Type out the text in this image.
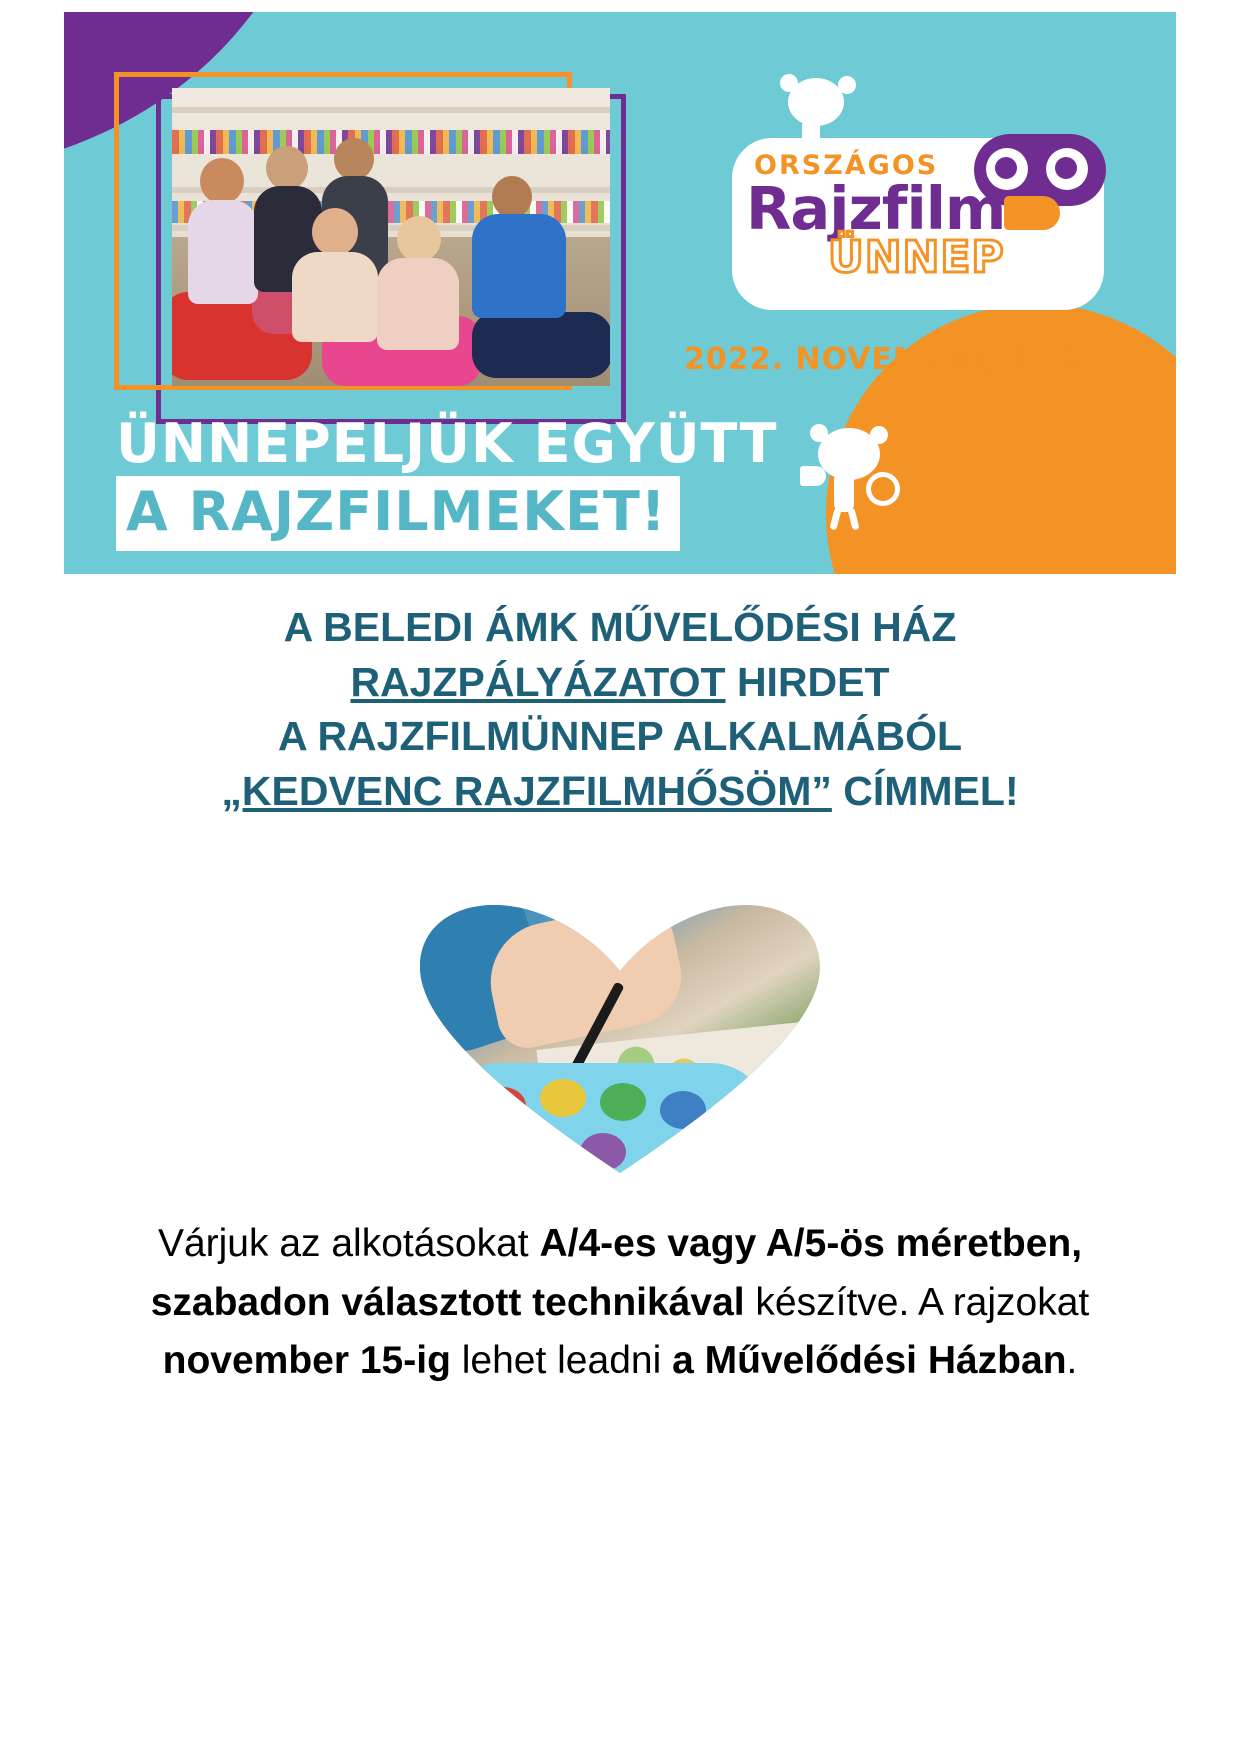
ORSZÁGOS
Rajzfilm
ÜNNEP
2022. NOVEMBER 18-20.
ÜNNEPELJÜK EGYÜTT
A RAJZFILMEKET!
A BELEDI ÁMK MŰVELŐDÉSI HÁZ
RAJZPÁLYÁZATOT HIRDET
A RAJZFILMÜNNEP ALKALMÁBÓL
„KEDVENC RAJZFILMHŐSÖM” CÍMMEL!
Várjuk az alkotásokat A/4-es vagy A/5-ös méretben, szabadon választott technikával készítve. A rajzokat november 15-ig lehet leadni a Művelődési Házban.
